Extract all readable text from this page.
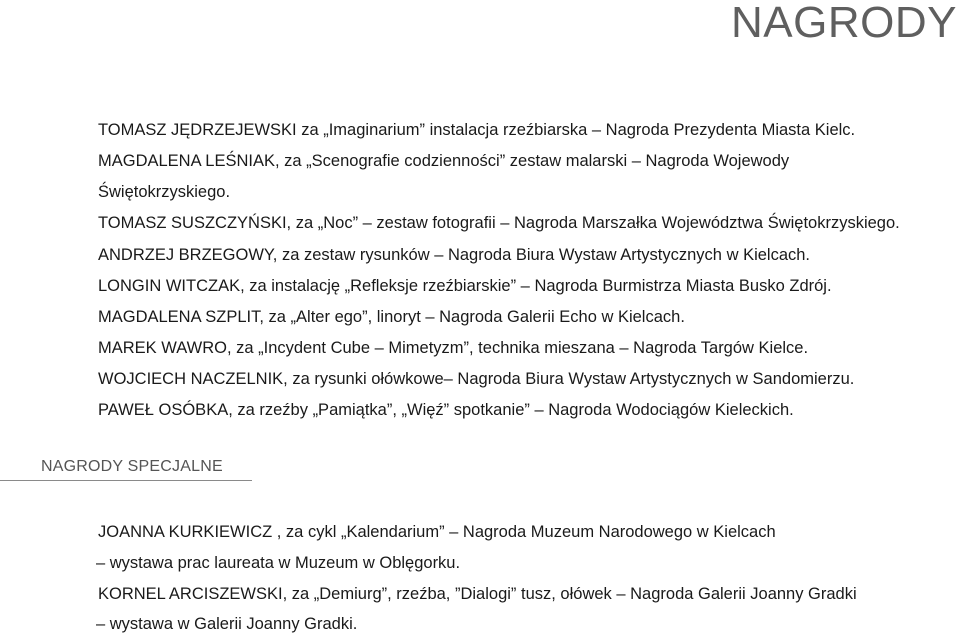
NAGRODY
TOMASZ JĘDRZEJEWSKI za „Imaginarium” instalacja rzeźbiarska – Nagroda Prezydenta Miasta Kielc.
MAGDALENA LEŚNIAK, za „Scenografie codzienności” zestaw malarski – Nagroda Wojewody
Świętokrzyskiego.
TOMASZ SUSZCZYŃSKI, za „Noc” – zestaw fotografii – Nagroda Marszałka Województwa Świętokrzyskiego.
ANDRZEJ BRZEGOWY, za zestaw rysunków – Nagroda Biura Wystaw Artystycznych w Kielcach.
LONGIN WITCZAK, za instalację „Refleksje rzeźbiarskie” – Nagroda Burmistrza Miasta Busko Zdrój.
MAGDALENA SZPLIT, za „Alter ego”, linoryt – Nagroda Galerii Echo w Kielcach.
MAREK WAWRO, za „Incydent Cube – Mimetyzm”, technika mieszana – Nagroda Targów Kielce.
WOJCIECH NACZELNIK, za rysunki ołówkowe– Nagroda Biura Wystaw Artystycznych w Sandomierzu.
PAWEŁ OSÓBKA, za rzeźby „Pamiątka”, „Więź” spotkanie” – Nagroda Wodociągów Kieleckich.
NAGRODY SPECJALNE
JOANNA KURKIEWICZ , za cykl „Kalendarium” – Nagroda Muzeum Narodowego w Kielcach
– wystawa prac laureata w Muzeum w Oblęgorku.
KORNEL ARCISZEWSKI, za „Demiurg”, rzeźba, ”Dialogi” tusz, ołówek – Nagroda Galerii Joanny Gradki
– wystawa w Galerii Joanny Gradki.
